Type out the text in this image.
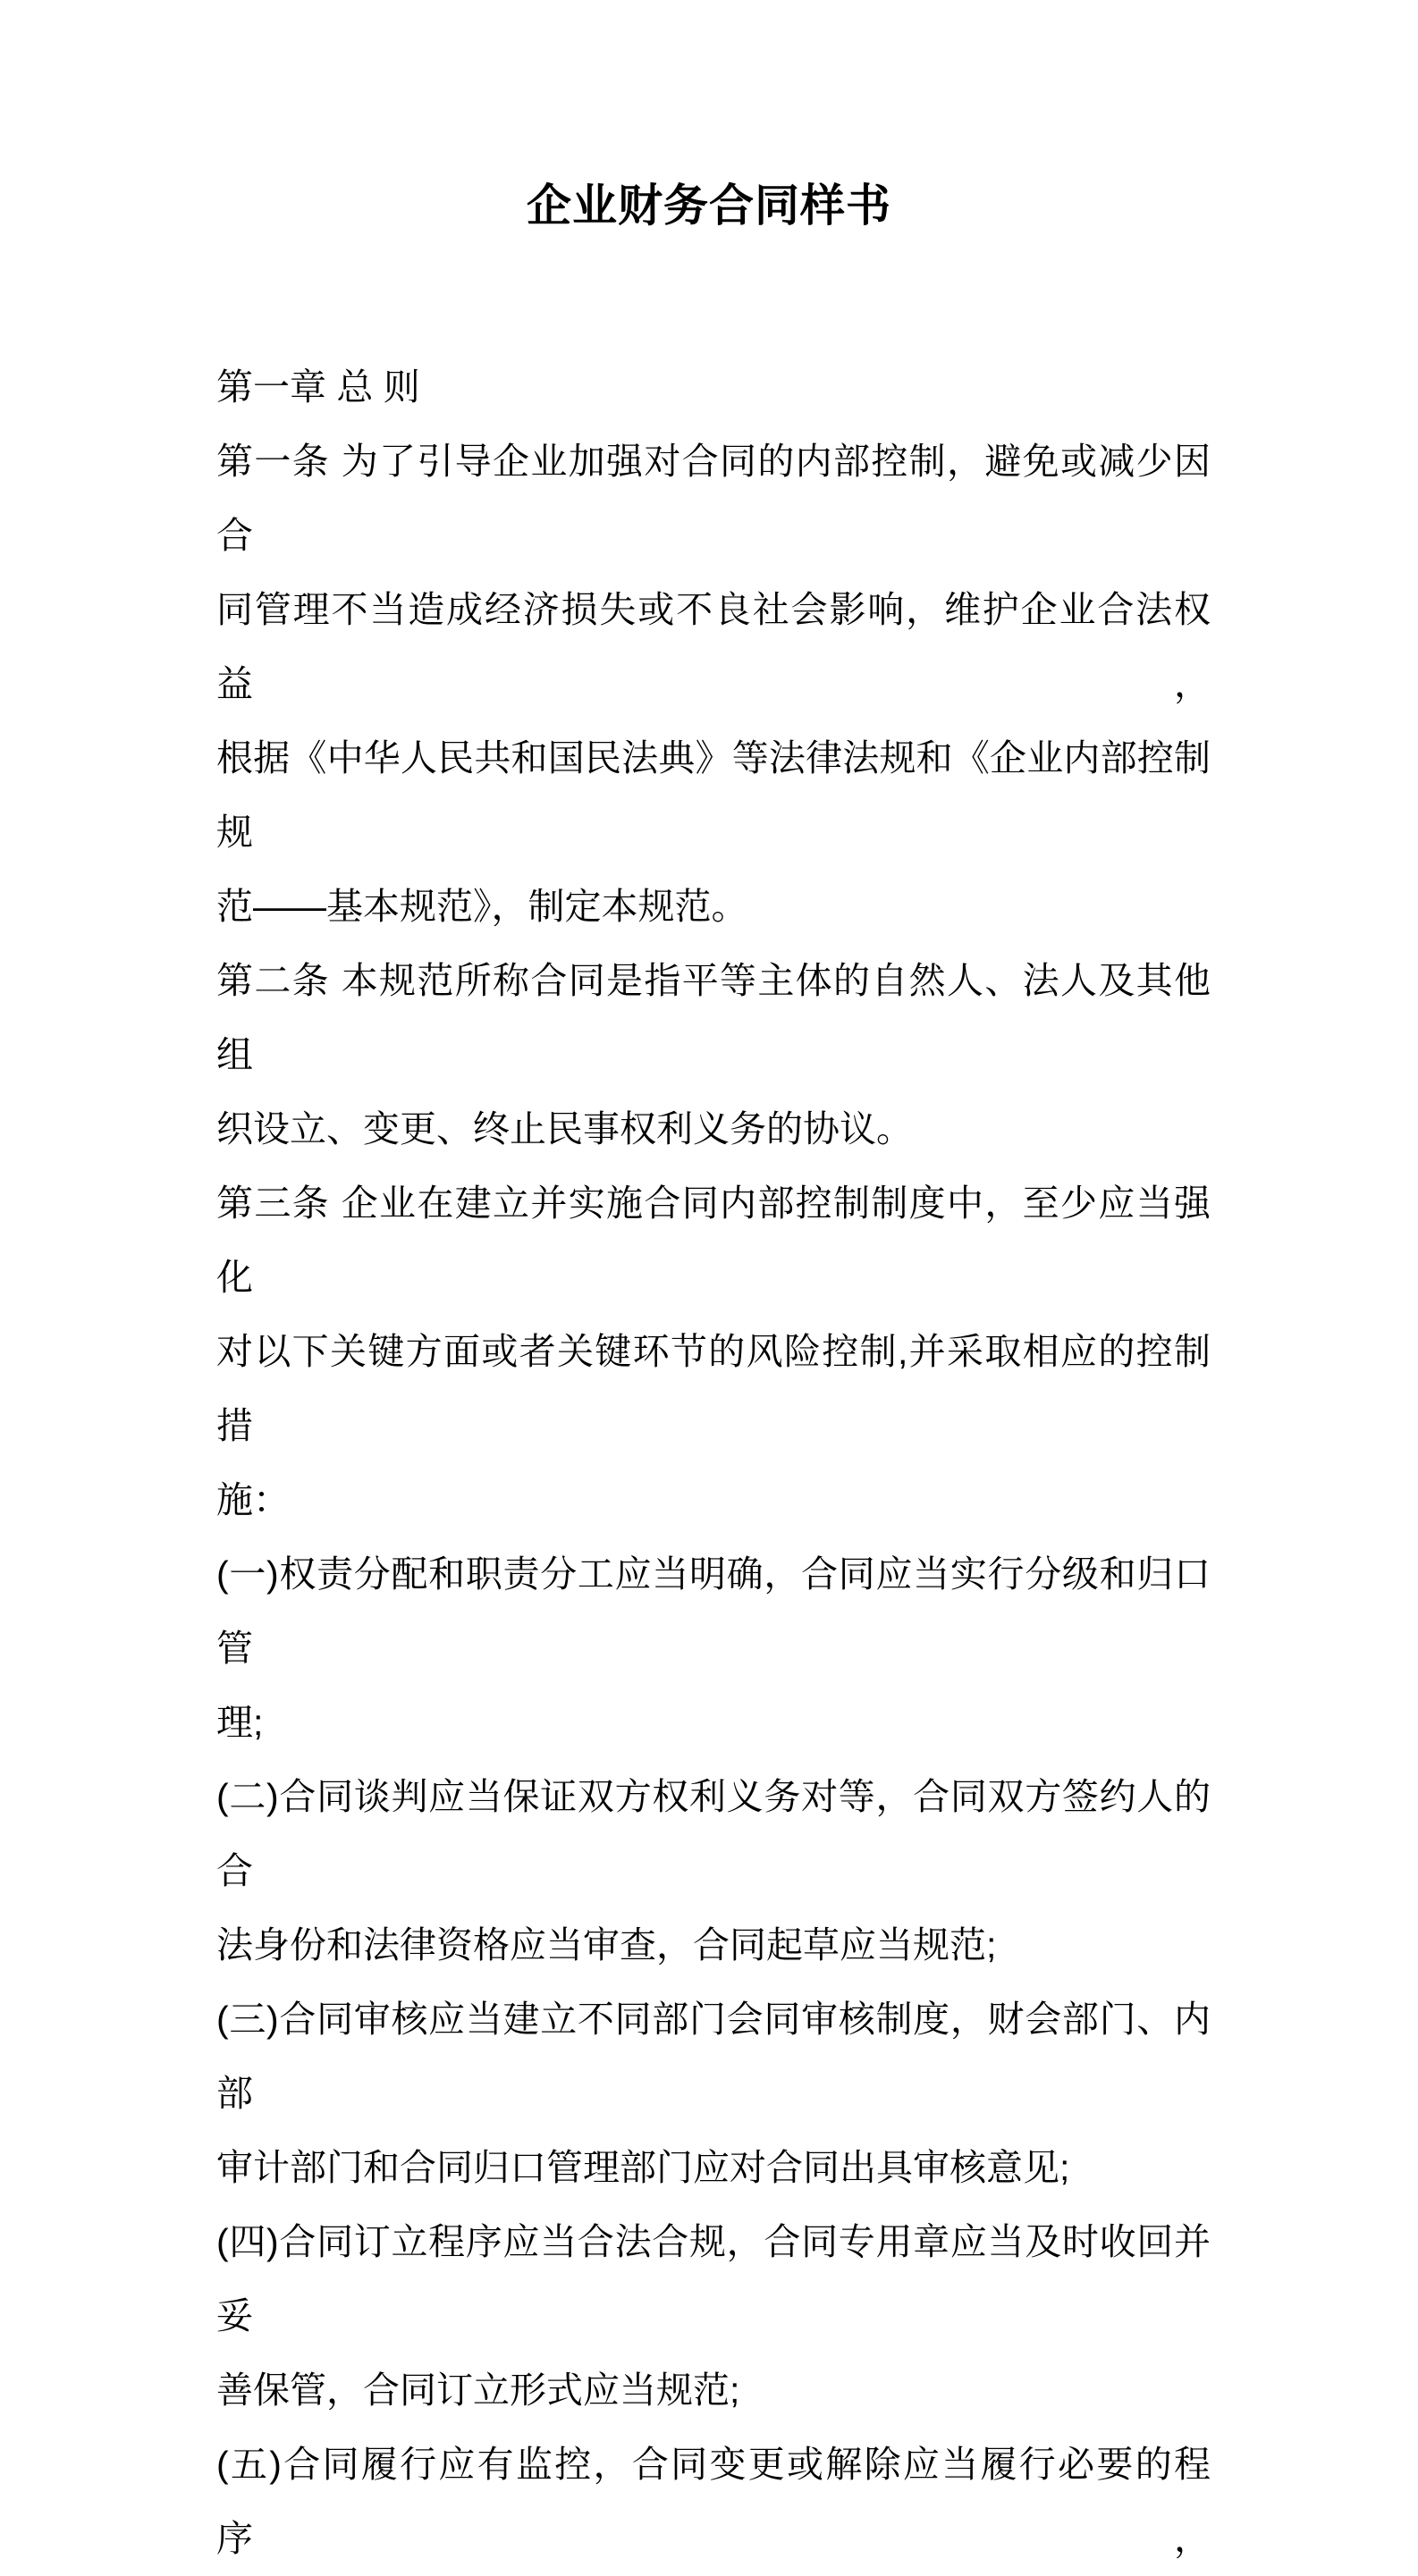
企业财务合同样书
第一章 总 则
第一条 为了引导企业加强对合同的内部控制，避免或减少因合
同管理不当造成经济损失或不良社会影响，维护企业合法权益，
根据《中华人民共和国民法典》等法律法规和《企业内部控制规
范——基本规范》，制定本规范。
第二条 本规范所称合同是指平等主体的自然人、法人及其他组
织设立、变更、终止民事权利义务的协议。
第三条 企业在建立并实施合同内部控制制度中，至少应当强化
对以下关键方面或者关键环节的风险控制,并采取相应的控制措
施：
(一)权责分配和职责分工应当明确，合同应当实行分级和归口管
理;
(二)合同谈判应当保证双方权利义务对等，合同双方签约人的合
法身份和法律资格应当审查，合同起草应当规范;
(三)合同审核应当建立不同部门会同审核制度，财会部门、内部
审计部门和合同归口管理部门应对合同出具审核意见;
(四)合同订立程序应当合法合规，合同专用章应当及时收回并妥
善保管，合同订立形式应当规范;
(五)合同履行应有监控，合同变更或解除应当履行必要的程序，
